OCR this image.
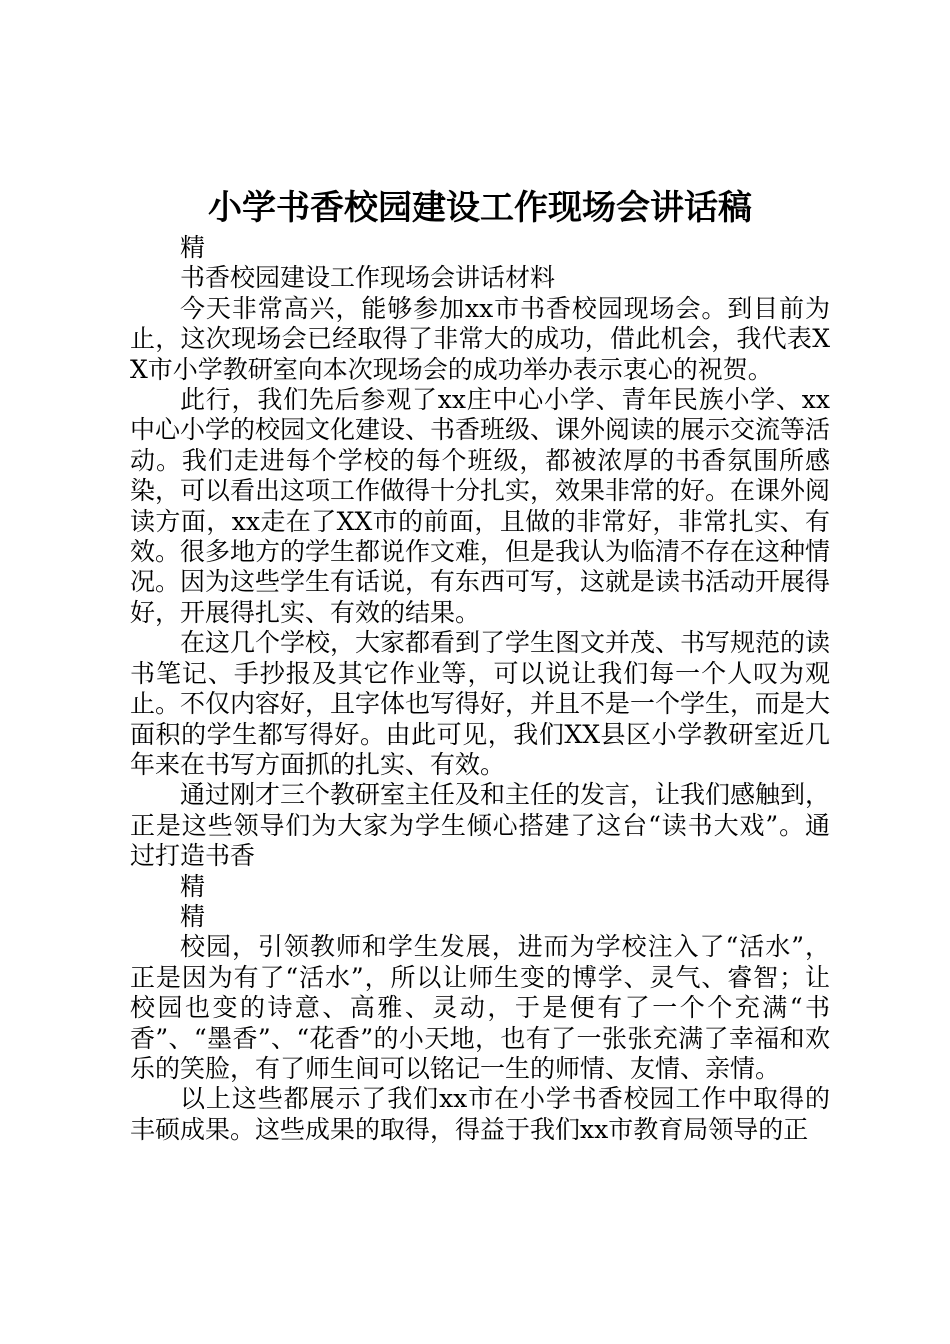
小学书香校园建设工作现场会讲话稿

精

书香校园建设工作现场会讲话材料

今天非常高兴，能够参加xx市书香校园现场会。到目前为止，这次现场会已经取得了非常大的成功，借此机会，我代表XX市小学教研室向本次现场会的成功举办表示衷心的祝贺。

此行，我们先后参观了xx庄中心小学、青年民族小学、xx中心小学的校园文化建设、书香班级、课外阅读的展示交流等活动。我们走进每个学校的每个班级，都被浓厚的书香氛围所感染，可以看出这项工作做得十分扎实，效果非常的好。在课外阅读方面，xx走在了XX市的前面，且做的非常好，非常扎实、有效。很多地方的学生都说作文难，但是我认为临清不存在这种情况。因为这些学生有话说，有东西可写，这就是读书活动开展得好，开展得扎实、有效的结果。

在这几个学校，大家都看到了学生图文并茂、书写规范的读书笔记、手抄报及其它作业等，可以说让我们每一个人叹为观止。不仅内容好，且字体也写得好，并且不是一个学生，而是大面积的学生都写得好。由此可见，我们XX县区小学教研室近几年来在书写方面抓的扎实、有效。

通过刚才三个教研室主任及和主任的发言，让我们感触到，正是这些领导们为大家为学生倾心搭建了这台“读书大戏”。通过打造书香

精

精

校园，引领教师和学生发展，进而为学校注入了“活水”，正是因为有了“活水”，所以让师生变的博学、灵气、睿智；让校园也变的诗意、高雅、灵动，于是便有了一个个充满“书香”、“墨香”、“花香”的小天地，也有了一张张充满了幸福和欢乐的笑脸，有了师生间可以铭记一生的师情、友情、亲情。

以上这些都展示了我们xx市在小学书香校园工作中取得的丰硕成果。这些成果的取得，得益于我们xx市教育局领导的正
